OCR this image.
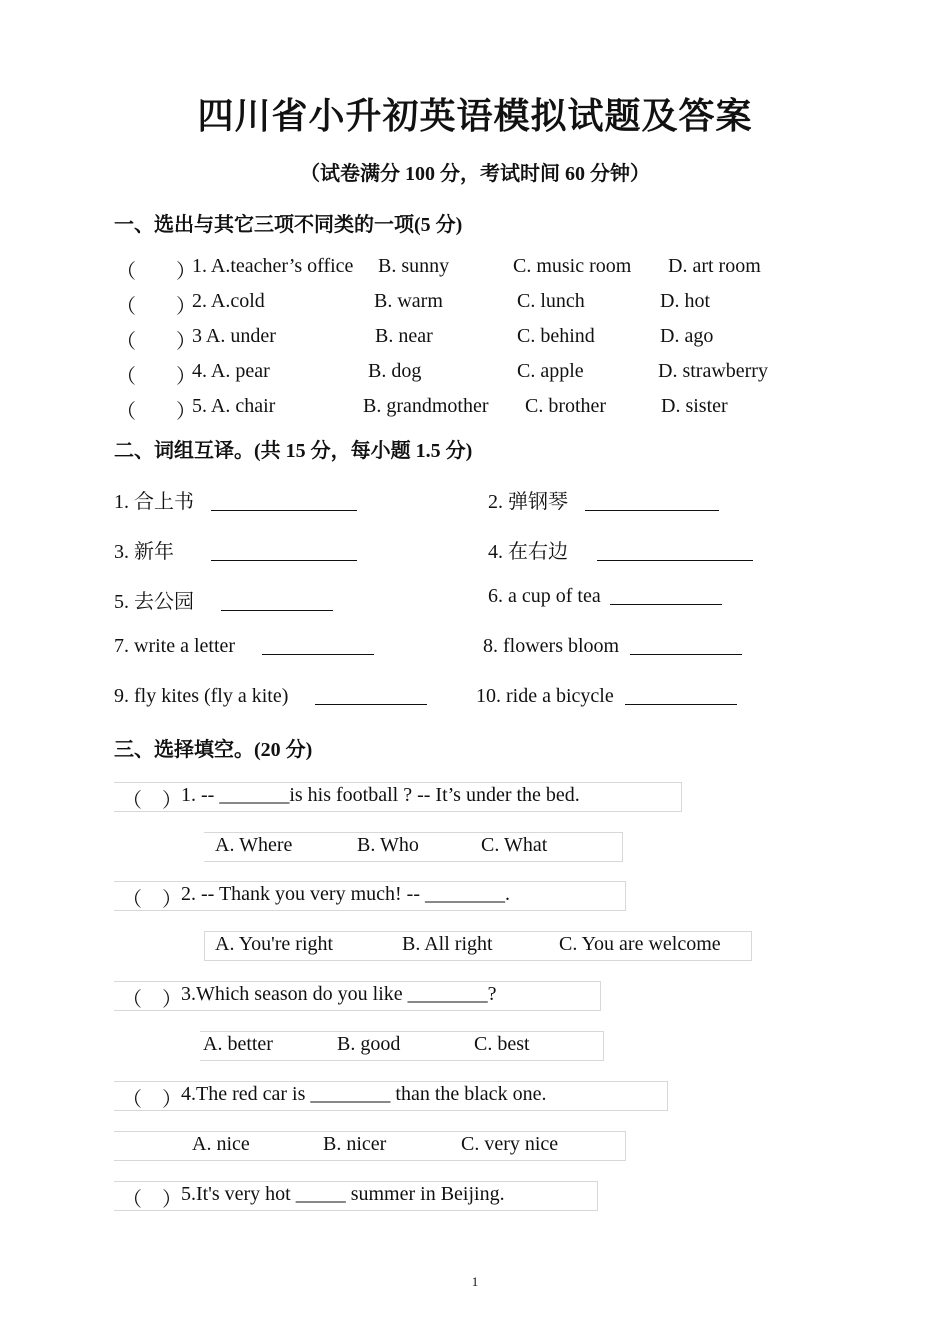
四川省小升初英语模拟试题及答案
（试卷满分 100 分，考试时间 60 分钟）
一、选出与其它三项不同类的一项(5 分)
（　　）
1. A.teacher’s office B. sunny	C. music room D. art room
（　　）
2. A.cold	B. warm	C. lunch	D. hot
（　　）
3 A. under	B. near	C. behind	D. ago
（　　）
4. A. pear	B. dog	C. apple	D. strawberry
（　　）
5. A. chair	B. grandmother C. brother	D. sister
二、词组互译。(共 15 分，每小题 1.5 分)
1. 合上书	2. 弹钢琴
3. 新年	4. 在右边
5. 去公园	6. a cup of tea
7. write a letter	8. flowers bloom
9. fly kites (fly a kite)	10. ride a bicycle
三、选择填空。(20 分)
（　） 1. -- _______is his football ? -- It’s under the bed.
A. Where	B. Who	C. What
（　） 2. -- Thank you very much! -- ________.
A. You're right	B. All right	C. You are welcome
（　） 3.Which season do you like ________?
A. better	B. good	C. best
（　） 4.The red car is ________ than the black one.
A. nice	B. nicer	C. very nice
（　） 5.It's very hot _____ summer in Beijing.
1
